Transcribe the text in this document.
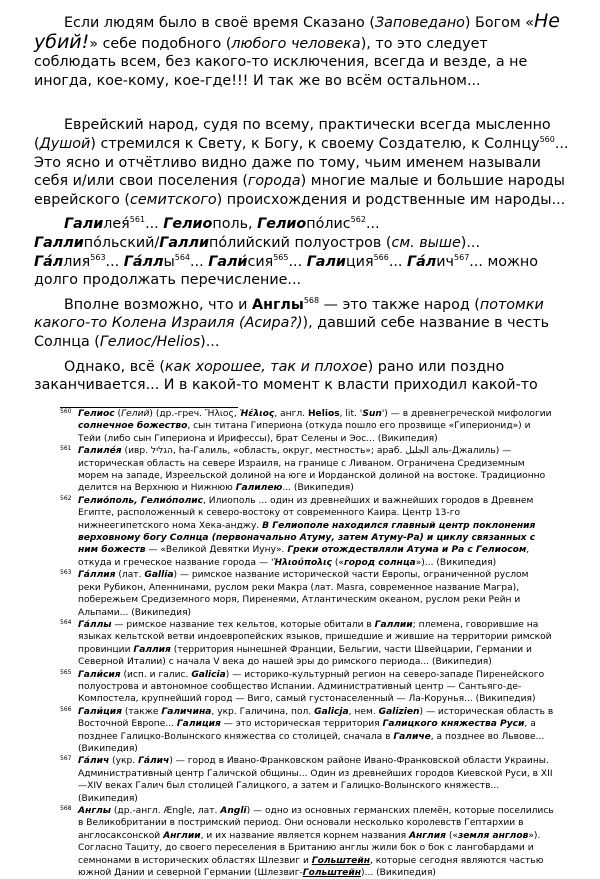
Если людям было в своё время Сказано (Заповедано) Богом «Не убий!» себе подобного (любого человека), то это следует соблюдать всем, без какого-то исключения, всегда и везде, а не иногда, кое-кому, кое-где!!! И так же во всём остальном...

Еврейский народ, судя по всему, практически всегда мысленно (Душой) стремился к Свету, к Богу, к своему Создателю, к Солнцу$^{560}$... Это ясно и отчётливо видно даже по тому, чьим именем называли себя и/или свои поселения (города) многие малые и большие народы еврейского (семитского) происхождения и родственные им народы...

Галилея́$^{561}$... Гелиополь, Гелиопо́лис$^{562}$...
Галлипо́льский/Галлипо́лийский полуостров (см. выше)...
Га́ллия$^{563}$... Га́ллы$^{564}$... Гали́сия$^{565}$... Галиция$^{566}$... Га́лич$^{567}$... можно долго продолжать перечисление...

Вполне возможно, что и Англы$^{568}$ — это также народ (потомки какого-то Колена Израиля (Асира?)), давший себе название в честь Солнца (Гелиос/Helios)...

Однако, всё (как хорошее, так и плохое) рано или поздно заканчивается... И в какой-то момент к власти приходил какой-то

560 Гелиос (Гелий) (др.-греч. Ἥλιος, Ἡέλιος, англ. Helios, lit. 'Sun') — в древнегреческой мифологии солнечное божество, сын титана Гипериона (откуда пошло его прозвище «Гиперионид») и Тейи (либо сын Гипериона и Ирифессы), брат Селены и Эос... (Википедия)

561 Галиле́я (ивр. הגליל‎, ha-Галиль, «область, округ, местность»; араб. الجليل‎ аль-Джалиль) — историческая область на севере Израиля, на границе с Ливаном. Ограничена Средиземным морем на западе, Изреельской долиной на юге и Иорданской долиной на востоке. Традиционно делится на Верхнюю и Нижнюю Галилею... (Википедия)

562 Гелио́поль, Гелио́полис, Илиополь ... один из древнейших и важнейших городов в Древнем Египте, расположенный к северо-востоку от современного Каира. Центр 13-го нижнеегипетского нома Хека-анджу. В Гелиополе находился главный центр поклонения верховному богу Солнца (первоначально Атуму, затем Атуму-Ра) и циклу связанных с ним божеств — «Великой Девятки Иуну». Греки отождествляли Атума и Ра с Гелиосом, откуда и греческое название города — 'Ἡλιούπολις («город солнца»)... (Википедия)

563 Га́ллия (лат. Gallia) — римское название исторической части Европы, ограниченной руслом реки Рубикон, Апеннинами, руслом реки Макра (лат. Masra, современное название Магра), побережьем Средиземного моря, Пиренеями, Атлантическим океаном, руслом реки Рейн и Альпами... (Википедия)

564 Га́ллы — римское название тех кельтов, которые обитали в Галлии; племена, говорившие на языках кельтской ветви индоевропейских языков, пришедшие и жившие на территории римской провинции Галлия (территория нынешней Франции, Бельгии, части Швейцарии, Германии и Северной Италии) с начала V века до нашей эры до римского периода... (Википедия)

565 Гали́сия (исп. и галис. Galicia) — историко-культурный регион на северо-западе Пиренейского полуострова и автономное сообщество Испании. Административный центр — Сантьяго-де-Компостела, крупнейший город — Виго, самый густонаселенный — Ла-Корунья... (Википедия)

566 Гали́ция (также Галичина, укр. Галичина, пол. Galicja, нем. Galizien) — историческая область в Восточной Европе... Галиция — это историческая территория Галицкого княжества Руси, а позднее Галицко-Волынского княжества со столицей, сначала в Галиче, а позднее во Львове... (Википедия)

567 Га́лич (укр. Га́лич) — город в Ивано-Франковском районе Ивано-Франковской области Украины. Административный центр Галичской общины... Один из древнейших городов Киевской Руси, в XII—XIV веках Галич был столицей Галицкого, а затем и Галицко-Волынского княжеств... (Википедия)

568 Англы (др.-англ. Ængle, лат. Angli) — одно из основных германских племён, которые поселились в Великобритании в постримский период. Они основали несколько королевств Гептархии в англосаксонской Англии, и их название является корнем названия Англия («земля англов»). Согласно Тациту, до своего переселения в Британию англы жили бок о бок с лангобардами и семнонами в исторических областях Шлезвиг и Гольштейн, которые сегодня являются частью южной Дании и северной Германии (Шлезвиг-Гольштейн)... (Википедия)
